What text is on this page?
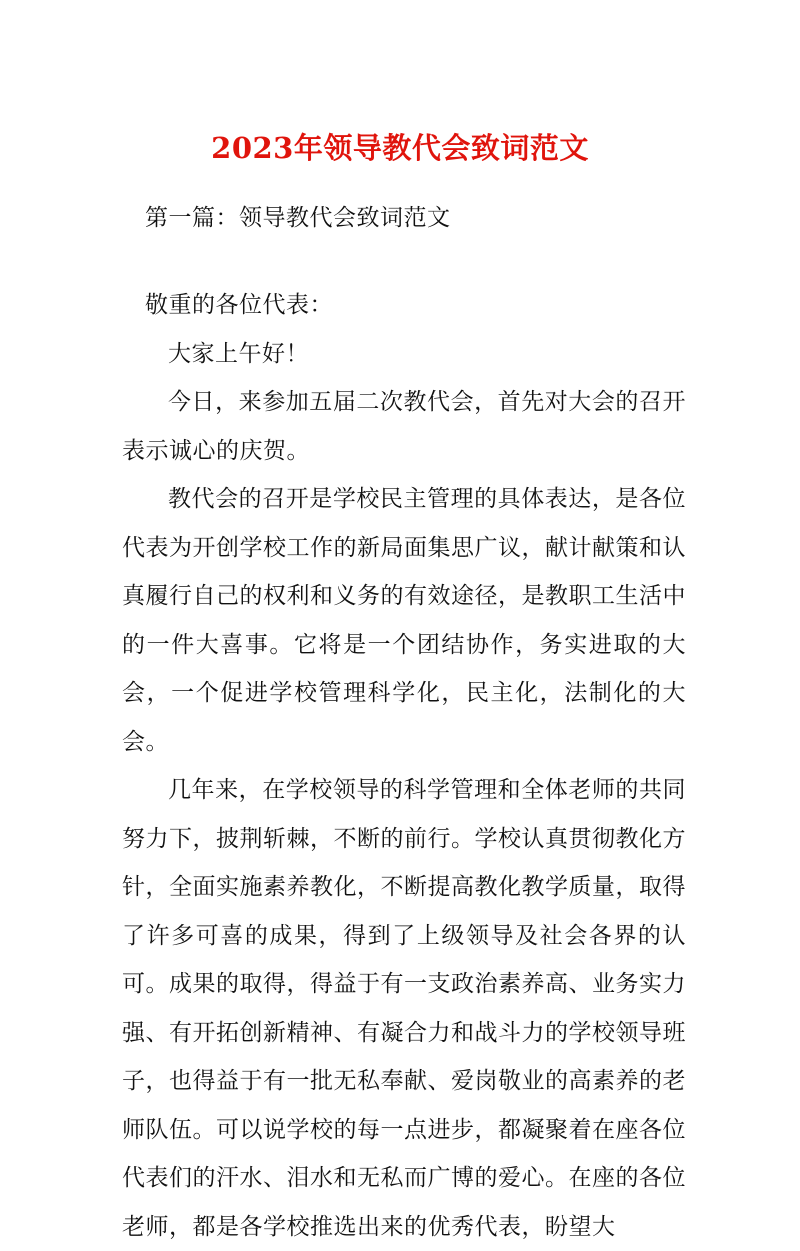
2023年领导教代会致词范文
第一篇：领导教代会致词范文

敬重的各位代表：

大家上午好！

今日，来参加五届二次教代会，首先对大会的召开表示诚心的庆贺。

教代会的召开是学校民主管理的具体表达，是各位代表为开创学校工作的新局面集思广议，献计献策和认真履行自己的权利和义务的有效途径，是教职工生活中的一件大喜事。它将是一个团结协作，务实进取的大会，一个促进学校管理科学化，民主化，法制化的大会。

几年来，在学校领导的科学管理和全体老师的共同努力下，披荆斩棘，不断的前行。学校认真贯彻教化方针，全面实施素养教化，不断提高教化教学质量，取得了许多可喜的成果，得到了上级领导及社会各界的认可。成果的取得，得益于有一支政治素养高、业务实力强、有开拓创新精神、有凝合力和战斗力的学校领导班子，也得益于有一批无私奉献、爱岗敬业的高素养的老师队伍。可以说学校的每一点进步，都凝聚着在座各位代表们的汗水、泪水和无私而广博的爱心。在座的各位老师，都是各学校推选出来的优秀代表，盼望大
